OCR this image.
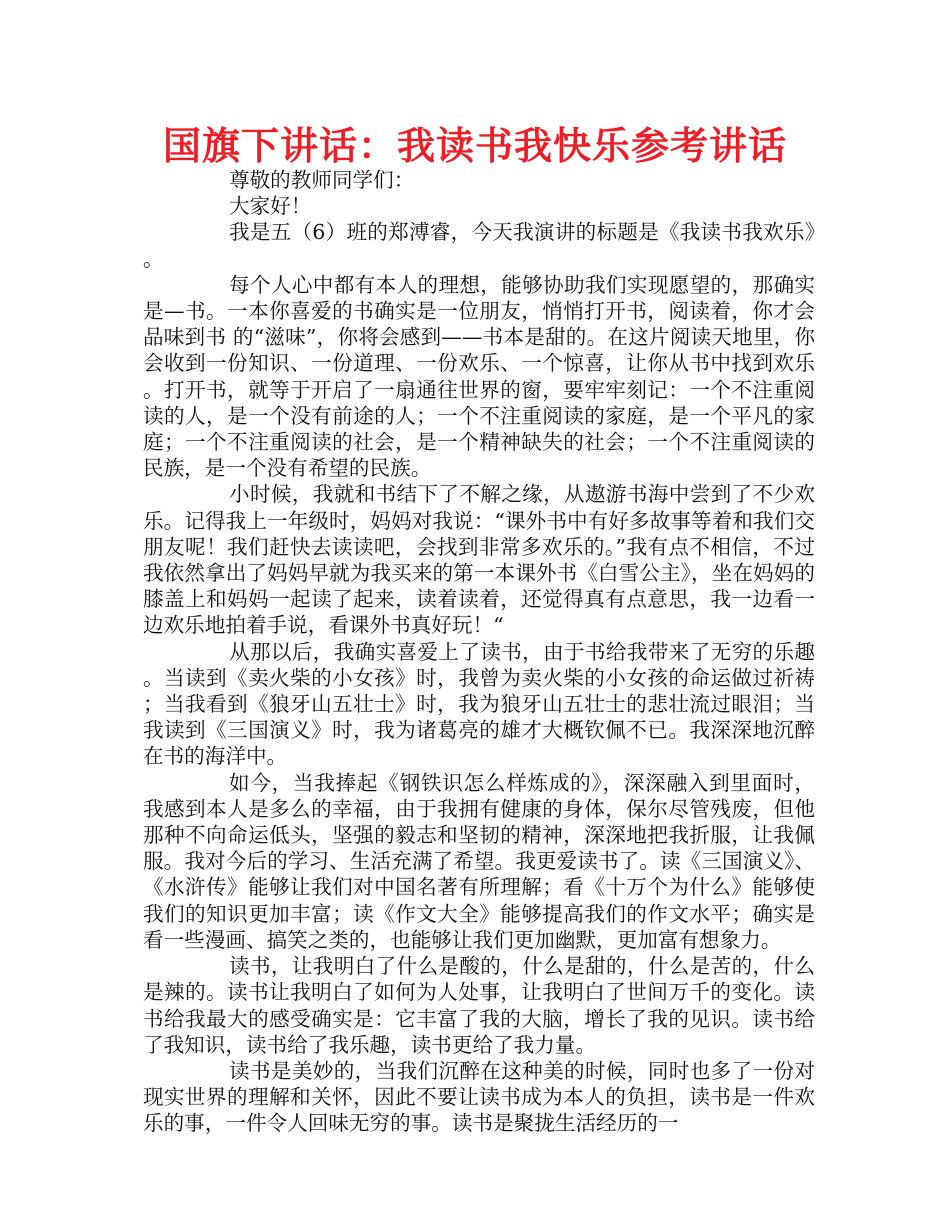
国旗下讲话：我读书我快乐参考讲话

尊敬的教师同学们：

大家好！

我是五（6）班的郑溥睿，今天我演讲的标题是《我读书我欢乐》。

每个人心中都有本人的理想，能够协助我们实现愿望的，那确实是—书。一本你喜爱的书确实是一位朋友，悄悄打开书，阅读着，你才会品味到书 的“滋味”，你将会感到——书本是甜的。在这片阅读天地里，你会收到一份知识、一份道理、一份欢乐、一个惊喜，让你从书中找到欢乐。打开书，就等于开启了一扇通往世界的窗，要牢牢刻记：一个不注重阅读的人，是一个没有前途的人；一个不注重阅读的家庭，是一个平凡的家庭；一个不注重阅读的社会，是一个精神缺失的社会；一个不注重阅读的民族，是一个没有希望的民族。

小时候，我就和书结下了不解之缘，从遨游书海中尝到了不少欢乐。记得我上一年级时，妈妈对我说：“课外书中有好多故事等着和我们交朋友呢！我们赶快去读读吧，会找到非常多欢乐的。”我有点不相信，不过我依然拿出了妈妈早就为我买来的第一本课外书《白雪公主》，坐在妈妈的膝盖上和妈妈一起读了起来，读着读着，还觉得真有点意思，我一边看一边欢乐地拍着手说，看课外书真好玩！“

从那以后，我确实喜爱上了读书，由于书给我带来了无穷的乐趣。当读到《卖火柴的小女孩》时，我曾为卖火柴的小女孩的命运做过祈祷；当我看到《狼牙山五壮士》时，我为狼牙山五壮士的悲壮流过眼泪；当我读到《三国演义》时，我为诸葛亮的雄才大概钦佩不已。我深深地沉醉在书的海洋中。

如今，当我捧起《钢铁识怎么样炼成的》，深深融入到里面时，我感到本人是多么的幸福，由于我拥有健康的身体，保尔尽管残废，但他那种不向命运低头，坚强的毅志和坚韧的精神，深深地把我折服，让我佩服。我对今后的学习、生活充满了希望。我更爱读书了。读《三国演义》、《水浒传》能够让我们对中国名著有所理解；看《十万个为什么》能够使我们的知识更加丰富；读《作文大全》能够提高我们的作文水平；确实是看一些漫画、搞笑之类的，也能够让我们更加幽默，更加富有想象力。

读书，让我明白了什么是酸的，什么是甜的，什么是苦的，什么是辣的。读书让我明白了如何为人处事，让我明白了世间万千的变化。读书给我最大的感受确实是：它丰富了我的大脑，增长了我的见识。读书给了我知识，读书给了我乐趣，读书更给了我力量。

读书是美妙的，当我们沉醉在这种美的时候，同时也多了一份对现实世界的理解和关怀，因此不要让读书成为本人的负担，读书是一件欢乐的事，一件令人回味无穷的事。读书是聚拢生活经历的一
